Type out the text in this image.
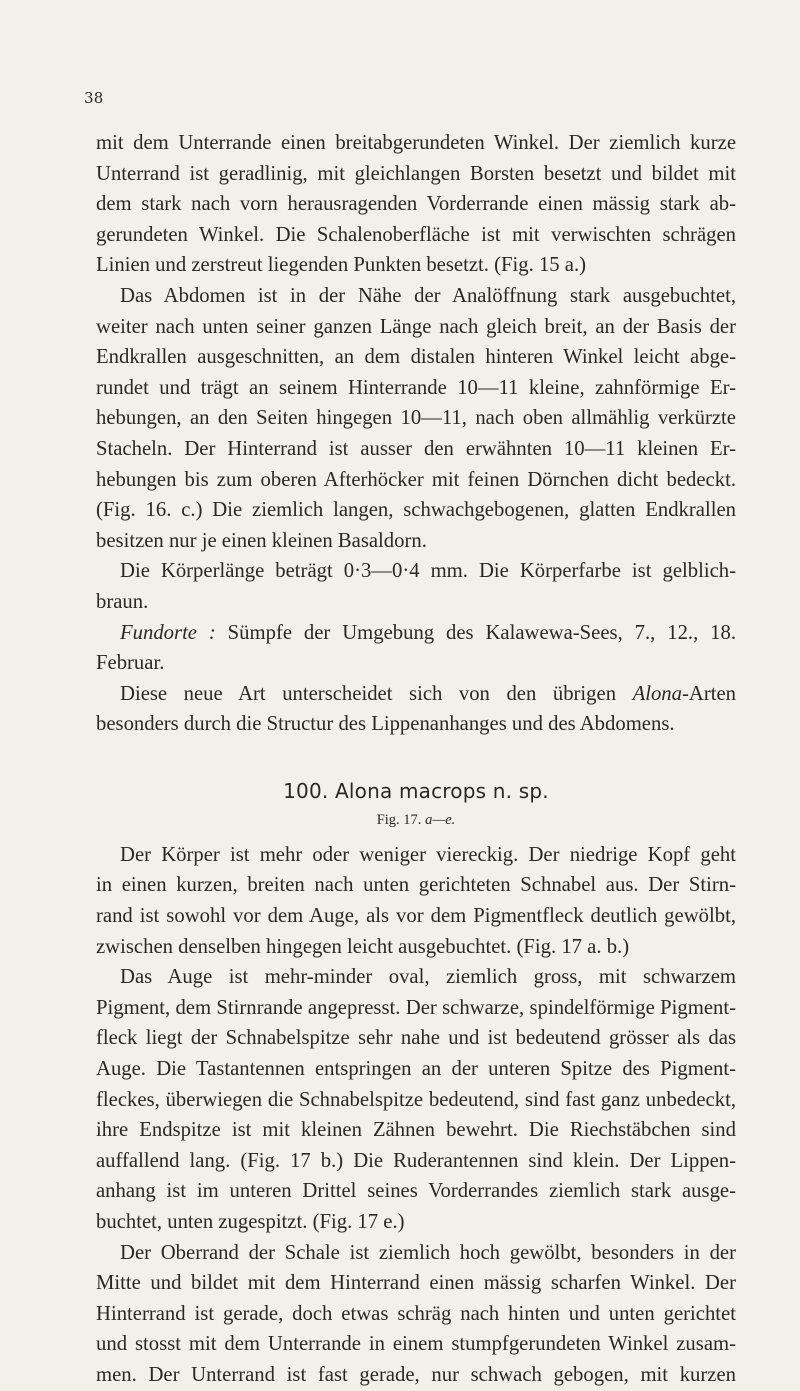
38
mit dem Unterrande einen breitabgerundeten Winkel. Der ziemlich kurze
Unterrand ist geradlinig, mit gleichlangen Borsten besetzt und bildet mit
dem stark nach vorn herausragenden Vorderrande einen mässig stark ab-
gerundeten Winkel. Die Schalenoberfläche ist mit verwischten schrägen
Linien und zerstreut liegenden Punkten besetzt. (Fig. 15 a.)
Das Abdomen ist in der Nähe der Analöffnung stark ausgebuchtet,
weiter nach unten seiner ganzen Länge nach gleich breit, an der Basis der
Endkrallen ausgeschnitten, an dem distalen hinteren Winkel leicht abge-
rundet und trägt an seinem Hinterrande 10—11 kleine, zahnförmige Er-
hebungen, an den Seiten hingegen 10—11, nach oben allmählig verkürzte
Stacheln. Der Hinterrand ist ausser den erwähnten 10—11 kleinen Er-
hebungen bis zum oberen Afterhöcker mit feinen Dörnchen dicht bedeckt.
(Fig. 16. c.) Die ziemlich langen, schwachgebogenen, glatten Endkrallen
besitzen nur je einen kleinen Basaldorn.
Die Körperlänge beträgt 0·3—0·4 mm. Die Körperfarbe ist gelblich-
braun.
Fundorte : Sümpfe der Umgebung des Kalawewa-Sees, 7., 12., 18.
Februar.
Diese neue Art unterscheidet sich von den übrigen Alona-Arten
besonders durch die Structur des Lippenanhanges und des Abdomens.
100. Alona macrops n. sp.
Fig. 17. a—e.
Der Körper ist mehr oder weniger viereckig. Der niedrige Kopf geht
in einen kurzen, breiten nach unten gerichteten Schnabel aus. Der Stirn-
rand ist sowohl vor dem Auge, als vor dem Pigmentfleck deutlich gewölbt,
zwischen denselben hingegen leicht ausgebuchtet. (Fig. 17 a. b.)
Das Auge ist mehr-minder oval, ziemlich gross, mit schwarzem
Pigment, dem Stirnrande angepresst. Der schwarze, spindelförmige Pigment-
fleck liegt der Schnabelspitze sehr nahe und ist bedeutend grösser als das
Auge. Die Tastantennen entspringen an der unteren Spitze des Pigment-
fleckes, überwiegen die Schnabelspitze bedeutend, sind fast ganz unbedeckt,
ihre Endspitze ist mit kleinen Zähnen bewehrt. Die Riechstäbchen sind
auffallend lang. (Fig. 17 b.) Die Ruderantennen sind klein. Der Lippen-
anhang ist im unteren Drittel seines Vorderrandes ziemlich stark ausge-
buchtet, unten zugespitzt. (Fig. 17 e.)
Der Oberrand der Schale ist ziemlich hoch gewölbt, besonders in der
Mitte und bildet mit dem Hinterrand einen mässig scharfen Winkel. Der
Hinterrand ist gerade, doch etwas schräg nach hinten und unten gerichtet
und stosst mit dem Unterrande in einem stumpfgerundeten Winkel zusam-
men. Der Unterrand ist fast gerade, nur schwach gebogen, mit kurzen
